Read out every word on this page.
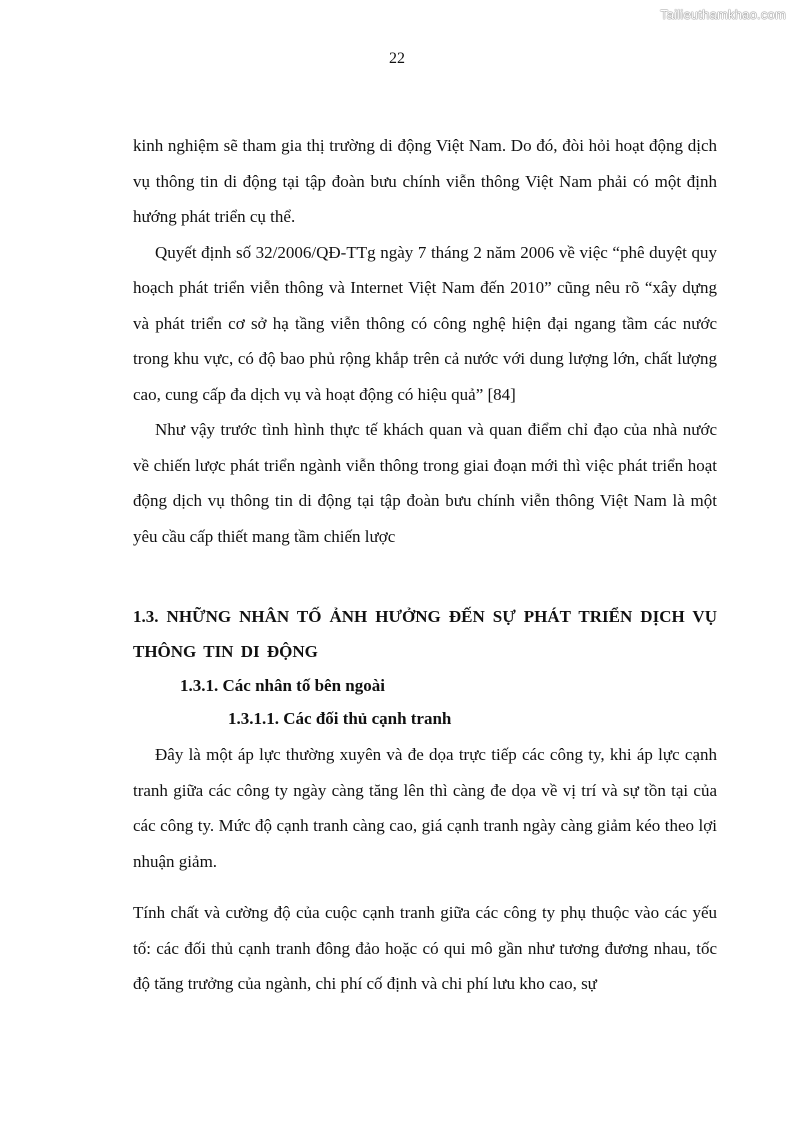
Tailieuthamkhao.com
22

kinh nghiệm sẽ tham gia thị trường di động Việt Nam. Do đó, đòi hỏi hoạt động dịch vụ thông tin di động tại tập đoàn bưu chính viễn thông Việt Nam phải có một định hướng phát triển cụ thể.

Quyết định số 32/2006/QĐ-TTg ngày 7 tháng 2 năm 2006 về việc “phê duyệt quy hoạch phát triển viễn thông và Internet Việt Nam đến 2010” cũng nêu rõ “xây dựng và phát triển cơ sở hạ tầng viễn thông có công nghệ hiện đại ngang tầm các nước trong khu vực, có độ bao phủ rộng khắp trên cả nước với dung lượng lớn, chất lượng cao, cung cấp đa dịch vụ và hoạt động có hiệu quả” [84]

Như vậy trước tình hình thực tế khách quan và quan điểm chỉ đạo của nhà nước về chiến lược phát triển ngành viễn thông trong giai đoạn mới thì việc phát triển hoạt động dịch vụ thông tin di động tại tập đoàn bưu chính viễn thông Việt Nam là một yêu cầu cấp thiết mang tầm chiến lược

1.3. NHỮNG NHÂN TỐ ẢNH HƯỞNG ĐẾN SỰ PHÁT TRIỂN DỊCH VỤ THÔNG TIN DI ĐỘNG
1.3.1. Các nhân tố bên ngoài
1.3.1.1. Các đối thủ cạnh tranh

Đây là một áp lực thường xuyên và đe dọa trực tiếp các công ty, khi áp lực cạnh tranh giữa các công ty ngày càng tăng lên thì càng đe dọa về vị trí và sự tồn tại của các công ty. Mức độ cạnh tranh càng cao, giá cạnh tranh ngày càng giảm kéo theo lợi nhuận giảm.

Tính chất và cường độ của cuộc cạnh tranh giữa các công ty phụ thuộc vào các yếu tố: các đối thủ cạnh tranh đông đảo hoặc có qui mô gần như tương đương nhau, tốc độ tăng trưởng của ngành, chi phí cố định và chi phí lưu kho cao, sự
